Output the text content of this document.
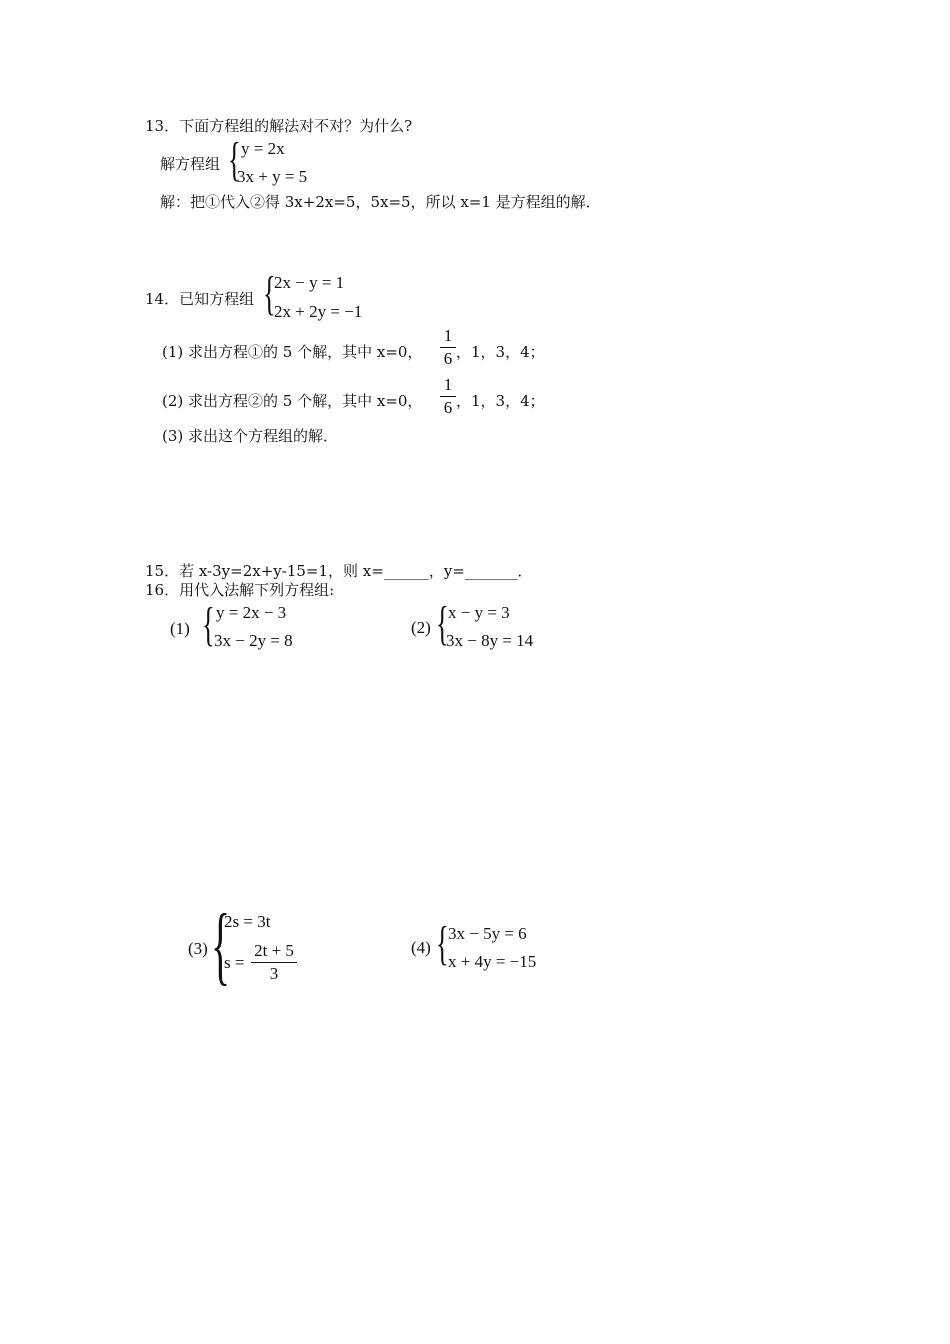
13．下面方程组的解法对不对？为什么?
解方程组 { y = 2x
3x + y = 5
解：把①代入②得 3x+2x=5，5x=5，所以 x=1 是方程组的解．
14．已知方程组 {
2x − y = 1
2x + 2y = −1
(1) 求出方程①的 5 个解，其中 x=0，
1
6 ，1，3，4；
(2) 求出方程②的 5 个解，其中 x=0，
1
6 ，1，3，4；
(3) 求出这个方程组的解．
15．若 x-3y=2x+y-15=1，则 x=______，y=_______．
16．用代入法解下列方程组:
(1) { y = 2x − 3
3x − 2y = 8
(2) { x − y = 3
3x − 8y = 14
(3) {
2s = 3t
s =
2t + 5
3
(4) { 3x − 5y = 6
x + 4y = −15
